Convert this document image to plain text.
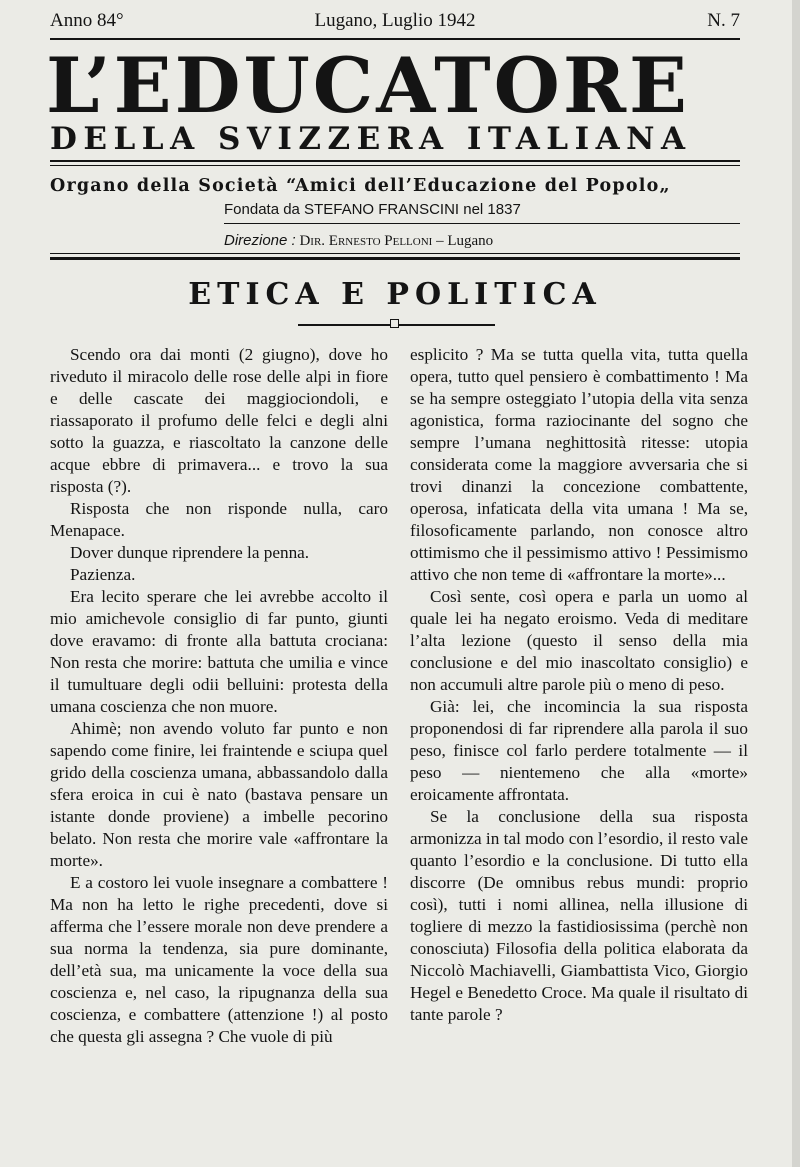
Anno 84°	Lugano, Luglio 1942	N. 7
L’EDUCATORE
DELLA SVIZZERA ITALIANA
Organo della Società “Amici dell’Educazione del Popolo„
Fondata da STEFANO FRANSCINI nel 1837
Direzione : Dir. Ernesto Pelloni – Lugano
ETICA E POLITICA

Scendo ora dai monti (2 giugno), dove ho riveduto il miracolo delle rose delle alpi in fiore e delle cascate dei maggiociondoli, e riassaporato il profumo delle felci e degli alni sotto la guazza, e riascoltato la canzone delle acque ebbre di primavera... e trovo la sua risposta (?).

Risposta che non risponde nulla, caro Menapace.

Dover dunque riprendere la penna.

Pazienza.

Era lecito sperare che lei avrebbe accolto il mio amichevole consiglio di far punto, giunti dove eravamo: di fronte alla battuta crociana: Non resta che morire: battuta che umilia e vince il tumultuare degli odii belluini: protesta della umana coscienza che non muore.

Ahimè; non avendo voluto far punto e non sapendo come finire, lei fraintende e sciupa quel grido della coscienza umana, abbassandolo dalla sfera eroica in cui è nato (bastava pensare un istante donde proviene) a imbelle pecorino belato. Non resta che morire vale «affrontare la morte».

E a costoro lei vuole insegnare a combattere ! Ma non ha letto le righe precedenti, dove si afferma che l’essere morale non deve prendere a sua norma la tendenza, sia pure dominante, dell’età sua, ma unicamente la voce della sua coscienza e, nel caso, la ripugnanza della sua coscienza, e combattere (attenzione !) al posto che questa gli assegna ? Che vuole di più

esplicito ? Ma se tutta quella vita, tutta quella opera, tutto quel pensiero è combattimento ! Ma se ha sempre osteggiato l’utopia della vita senza agonistica, forma raziocinante del sogno che sempre l’umana neghittosità ritesse: utopia considerata come la maggiore avversaria che si trovi dinanzi la concezione combattente, operosa, infaticata della vita umana ! Ma se, filosoficamente parlando, non conosce altro ottimismo che il pessimismo attivo ! Pessimismo attivo che non teme di «affrontare la morte»...

Così sente, così opera e parla un uomo al quale lei ha negato eroismo. Veda di meditare l’alta lezione (questo il senso della mia conclusione e del mio inascoltato consiglio) e non accumuli altre parole più o meno di peso.

Già: lei, che incomincia la sua risposta proponendosi di far riprendere alla parola il suo peso, finisce col farlo perdere totalmente — il peso — nientemeno che alla «morte» eroicamente affrontata.

Se la conclusione della sua risposta armonizza in tal modo con l’esordio, il resto vale quanto l’esordio e la conclusione. Di tutto ella discorre (De omnibus rebus mundi: proprio così), tutti i nomi allinea, nella illusione di togliere di mezzo la fastidiosissima (perchè non conosciuta) Filosofia della politica elaborata da Niccolò Machiavelli, Giambattista Vico, Giorgio Hegel e Benedetto Croce. Ma quale il risultato di tante parole ?
